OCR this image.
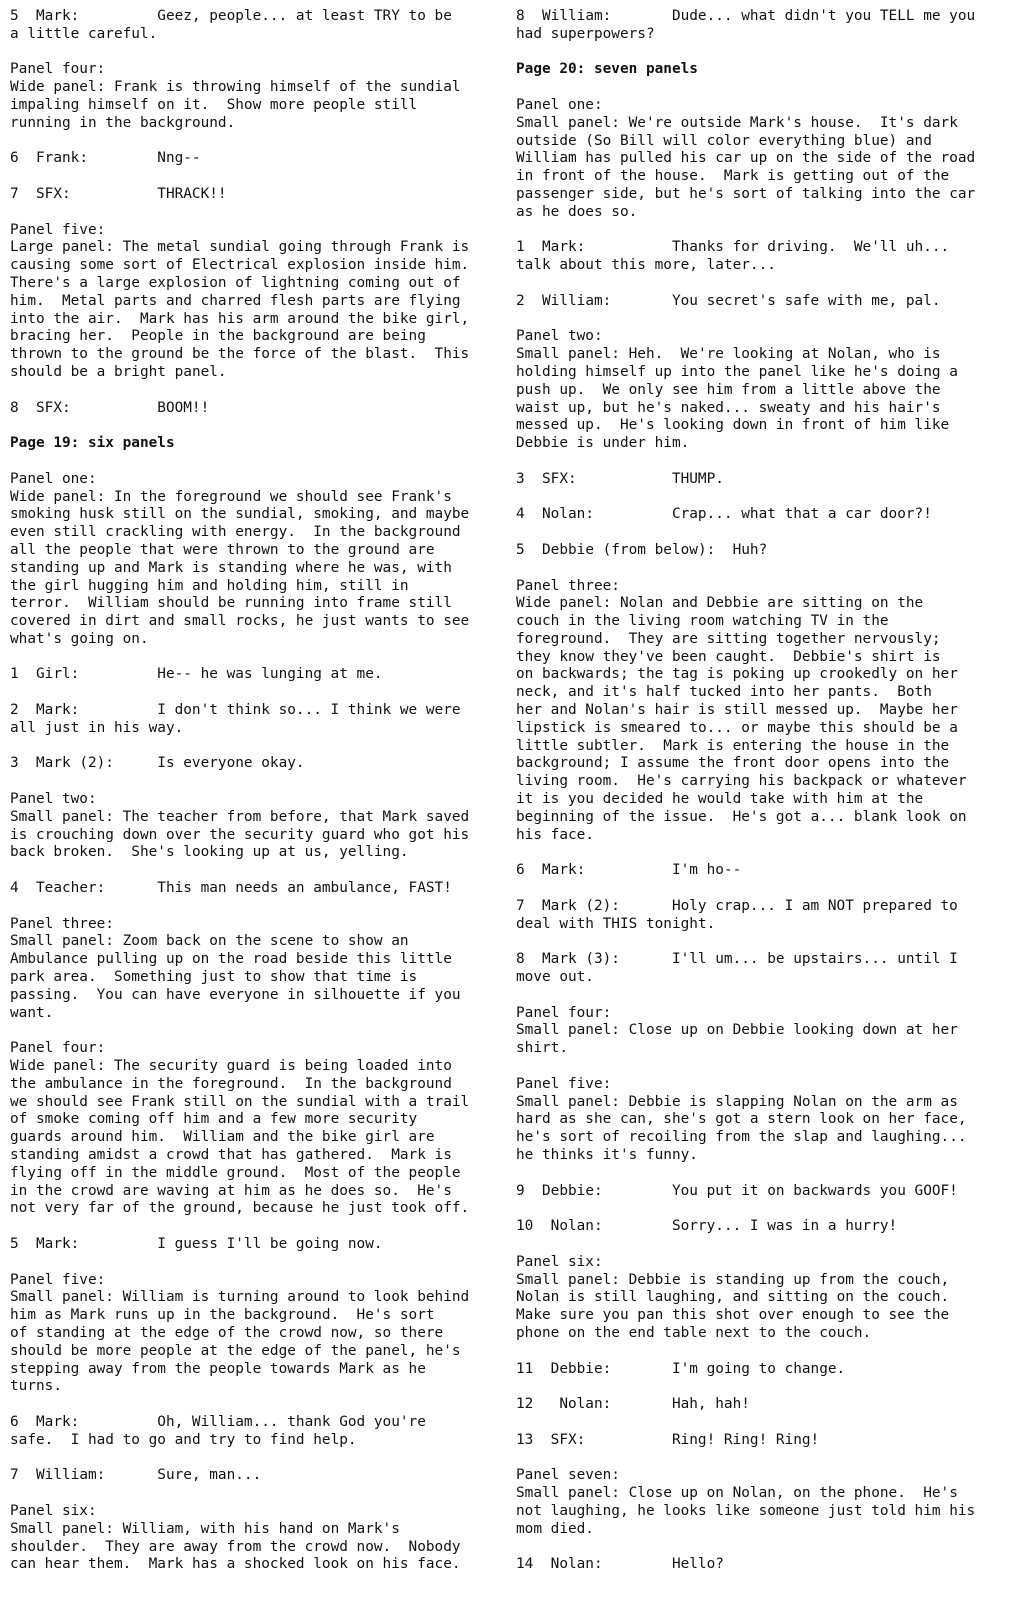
5 Mark:	Geez, people... at least TRY to be
a little careful.
Panel four:
Wide panel: Frank is throwing himself of the sundial
impaling himself on it.  Show more people still
running in the background.
6 Frank:	Nng--
7 SFX:	THRACK!!
Panel five:
Large panel: The metal sundial going through Frank is
causing some sort of Electrical explosion inside him.
There's a large explosion of lightning coming out of
him.  Metal parts and charred flesh parts are flying
into the air.  Mark has his arm around the bike girl,
bracing her.  People in the background are being
thrown to the ground be the force of the blast.  This
should be a bright panel.
8 SFX:	BOOM!!
Page 19: six panels
Panel one:
Wide panel: In the foreground we should see Frank's
smoking husk still on the sundial, smoking, and maybe
even still crackling with energy.  In the background
all the people that were thrown to the ground are
standing up and Mark is standing where he was, with
the girl hugging him and holding him, still in
terror.  William should be running into frame still
covered in dirt and small rocks, he just wants to see
what's going on.
1 Girl:	He-- he was lunging at me.
2 Mark:	I don't think so... I think we were
all just in his way.
3 Mark (2):	Is everyone okay.
Panel two:
Small panel: The teacher from before, that Mark saved
is crouching down over the security guard who got his
back broken.  She's looking up at us, yelling.
4 Teacher:	This man needs an ambulance, FAST!
Panel three:
Small panel: Zoom back on the scene to show an
Ambulance pulling up on the road beside this little
park area.  Something just to show that time is
passing.  You can have everyone in silhouette if you
want.
Panel four:
Wide panel: The security guard is being loaded into
the ambulance in the foreground.  In the background
we should see Frank still on the sundial with a trail
of smoke coming off him and a few more security
guards around him.  William and the bike girl are
standing amidst a crowd that has gathered.  Mark is
flying off in the middle ground.  Most of the people
in the crowd are waving at him as he does so.  He's
not very far of the ground, because he just took off.
5 Mark:	I guess I'll be going now.
Panel five:
Small panel: William is turning around to look behind
him as Mark runs up in the background.  He's sort
of standing at the edge of the crowd now, so there
should be more people at the edge of the panel, he's
stepping away from the people towards Mark as he
turns.
6 Mark:	Oh, William... thank God you're
safe.  I had to go and try to find help.
7 William:	Sure, man...
Panel six:
Small panel: William, with his hand on Mark's
shoulder.  They are away from the crowd now.  Nobody
can hear them.  Mark has a shocked look on his face.
8 William:	Dude... what didn't you TELL me you
had superpowers?
Page 20: seven panels
Panel one:
Small panel: We're outside Mark's house.  It's dark
outside (So Bill will color everything blue) and
William has pulled his car up on the side of the road
in front of the house.  Mark is getting out of the
passenger side, but he's sort of talking into the car
as he does so.
1 Mark:	Thanks for driving.  We'll uh...
talk about this more, later...
2 William:	You secret's safe with me, pal.
Panel two:
Small panel: Heh.  We're looking at Nolan, who is
holding himself up into the panel like he's doing a
push up.  We only see him from a little above the
waist up, but he's naked... sweaty and his hair's
messed up.  He's looking down in front of him like
Debbie is under him.
3 SFX:	THUMP.
4 Nolan:	Crap... what that a car door?!
5 Debbie (from below):	Huh?
Panel three:
Wide panel: Nolan and Debbie are sitting on the
couch in the living room watching TV in the
foreground.  They are sitting together nervously;
they know they've been caught.  Debbie's shirt is
on backwards; the tag is poking up crookedly on her
neck, and it's half tucked into her pants.  Both
her and Nolan's hair is still messed up.  Maybe her
lipstick is smeared to... or maybe this should be a
little subtler.  Mark is entering the house in the
background; I assume the front door opens into the
living room.  He's carrying his backpack or whatever
it is you decided he would take with him at the
beginning of the issue.  He's got a... blank look on
his face.
6 Mark:	I'm ho--
7 Mark (2):	Holy crap... I am NOT prepared to
deal with THIS tonight.
8 Mark (3):	I'll um... be upstairs... until I
move out.
Panel four:
Small panel: Close up on Debbie looking down at her
shirt.
Panel five:
Small panel: Debbie is slapping Nolan on the arm as
hard as she can, she's got a stern look on her face,
he's sort of recoiling from the slap and laughing...
he thinks it's funny.
9 Debbie:	You put it on backwards you GOOF!
10 Nolan:	Sorry... I was in a hurry!
Panel six:
Small panel: Debbie is standing up from the couch,
Nolan is still laughing, and sitting on the couch.
Make sure you pan this shot over enough to see the
phone on the end table next to the couch.
11 Debbie:	I'm going to change.
12   Nolan:	Hah, hah!
13 SFX:	Ring! Ring! Ring!
Panel seven:
Small panel: Close up on Nolan, on the phone.  He's
not laughing, he looks like someone just told him his
mom died.
14 Nolan:	Hello?
